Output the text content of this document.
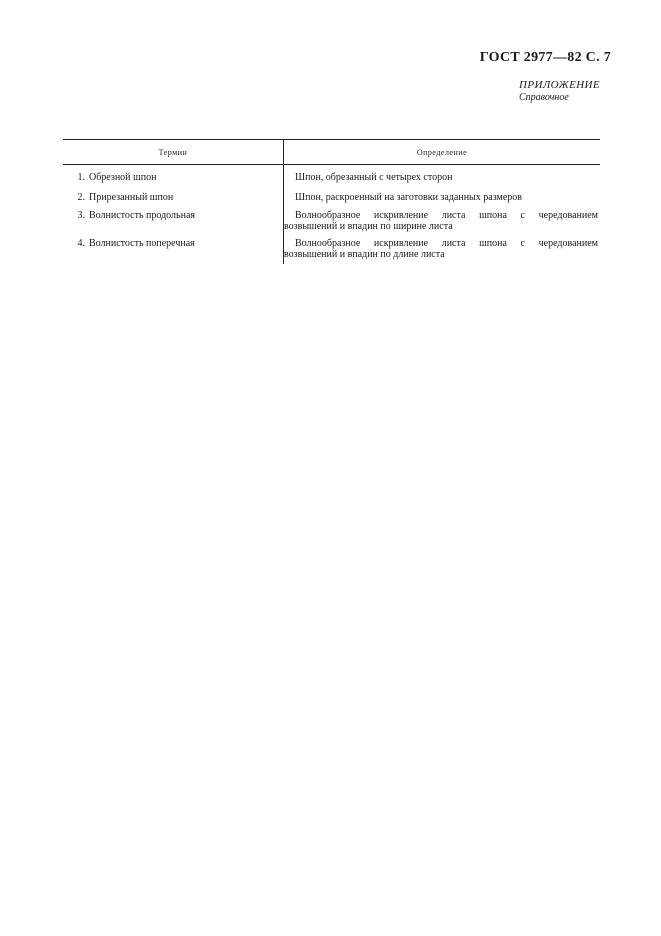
ГОСТ 2977—82 С. 7
ПРИЛОЖЕНИЕ
Справочное
Термин	Определение
1. Обрезной шпон
2. Прирезанный шпон
3. Волнистость продольная
4. Волнистость поперечная
Шпон, обрезанный с четырех сторон
Шпон, раскроенный на заготовки заданных размеров
Волнообразное искривление листа шпона с чередованием возвышений и впадин по ширине листа
Волнообразное искривление листа шпона с чередованием возвышений и впадин по длине листа
